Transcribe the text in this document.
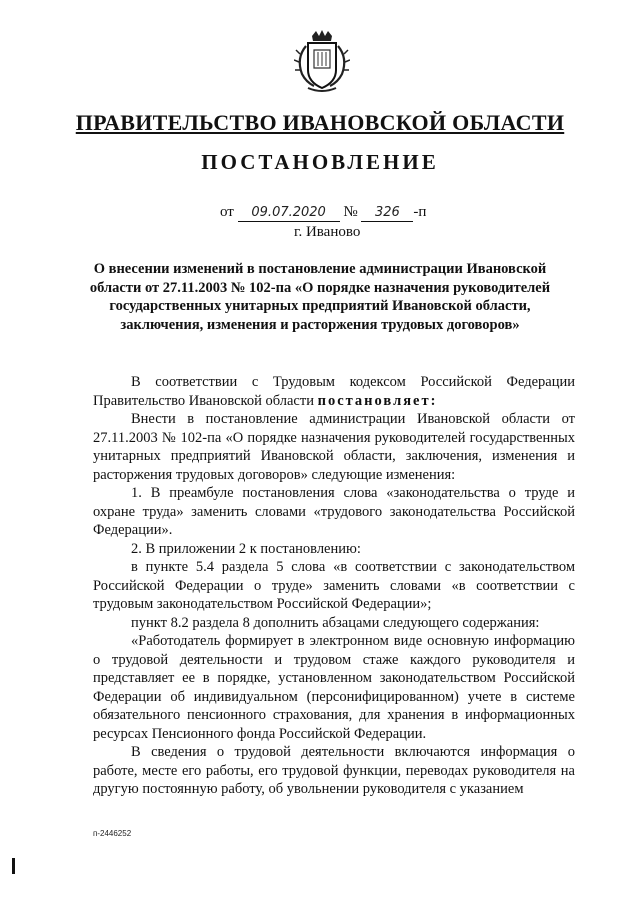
ПРАВИТЕЛЬСТВО ИВАНОВСКОЙ ОБЛАСТИ
ПОСТАНОВЛЕНИЕ
от 09.07.2020 № 326 -п
г. Иваново
О внесении изменений в постановление администрации Ивановской области от 27.11.2003 № 102-па «О порядке назначения руководителей государственных унитарных предприятий Ивановской области, заключения, изменения и расторжения трудовых договоров»

В соответствии с Трудовым кодексом Российской Федерации Правительство Ивановской области постановляет:

Внести в постановление администрации Ивановской области от 27.11.2003 № 102-па «О порядке назначения руководителей государственных унитарных предприятий Ивановской области, заключения, изменения и расторжения трудовых договоров» следующие изменения:

1. В преамбуле постановления слова «законодательства о труде и охране труда» заменить словами «трудового законодательства Российской Федерации».

2. В приложении 2 к постановлению:

в пункте 5.4 раздела 5 слова «в соответствии с законодательством Российской Федерации о труде» заменить словами «в соответствии с трудовым законодательством Российской Федерации»;

пункт 8.2 раздела 8 дополнить абзацами следующего содержания:

«Работодатель формирует в электронном виде основную информацию о трудовой деятельности и трудовом стаже каждого руководителя и представляет ее в порядке, установленном законодательством Российской Федерации об индивидуальном (персонифицированном) учете в системе обязательного пенсионного страхования, для хранения в информационных ресурсах Пенсионного фонда Российской Федерации.

В сведения о трудовой деятельности включаются информация о работе, месте его работы, его трудовой функции, переводах руководителя на другую постоянную работу, об увольнении руководителя с указанием

п-2446252
